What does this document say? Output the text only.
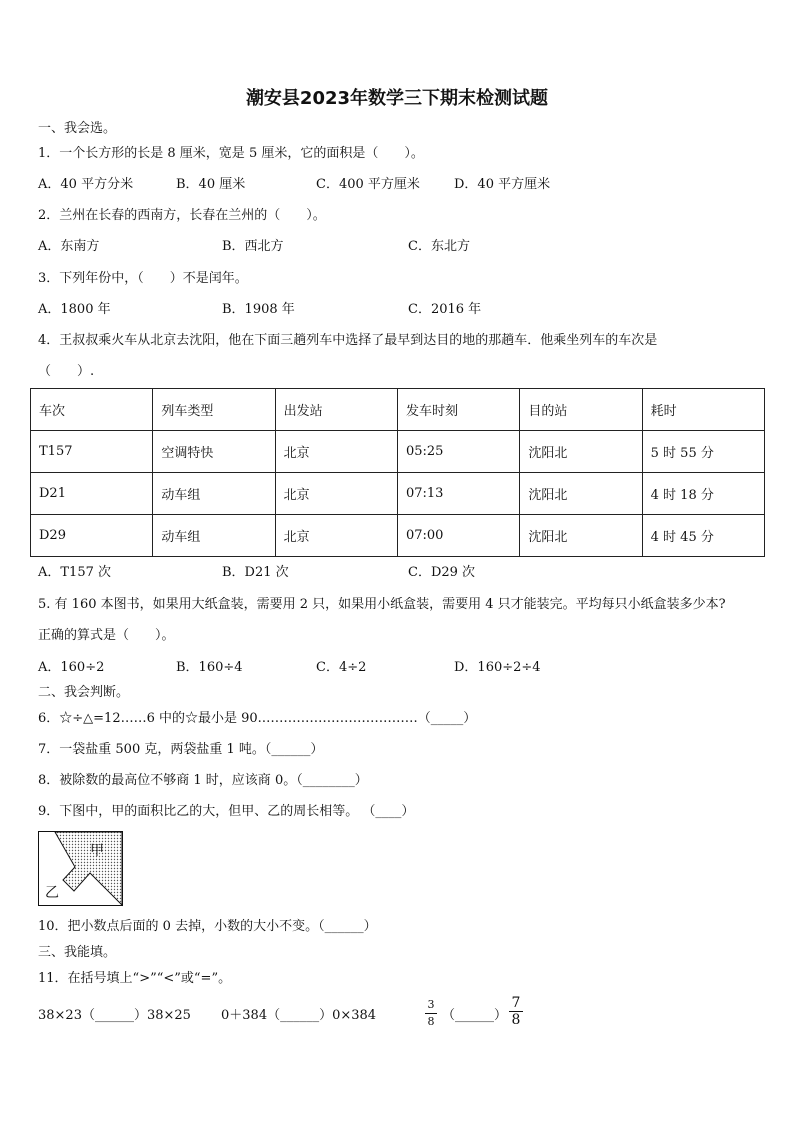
潮安县2023年数学三下期末检测试题
一、我会选。
1．一个长方形的长是 8 厘米，宽是 5 厘米，它的面积是（　　）。
A．40 平方分米	B．40 厘米	C．400 平方厘米	D．40 平方厘米
2．兰州在长春的西南方，长春在兰州的（　　）。
A．东南方	B．西北方	C．东北方
3．下列年份中，（　　）不是闰年。
A．1800 年	B．1908 年	C．2016 年
4．王叔叔乘火车从北京去沈阳，他在下面三趟列车中选择了最早到达目的地的那趟车．他乘坐列车的车次是
（　　）.
车次	列车类型	出发站	发车时刻	目的站	耗时
T157	空调特快	北京	05:25	沈阳北	5 时 55 分
D21	动车组	北京	07:13	沈阳北	4 时 18 分
D29	动车组	北京	07:00	沈阳北	4 时 45 分
A．T157 次	B．D21 次	C．D29 次
5. 有 160 本图书，如果用大纸盒装，需要用 2 只，如果用小纸盒装，需要用 4 只才能装完。平均每只小纸盒装多少本?
正确的算式是（　　）。
A．160÷2	B．160÷4	C．4÷2	D．160÷2÷4
二、我会判断。
6．☆÷△=12……6 中的☆最小是 90.………………………………（_____）
7．一袋盐重 500 克，两袋盐重 1 吨。（______）
8．被除数的最高位不够商 1 时，应该商 0。（________）
9．下图中，甲的面积比乙的大，但甲、乙的周长相等。 （____）
甲
乙
10．把小数点后面的 0 去掉，小数的大小不变。（______）
三、我能填。
11．在括号填上“>”“<”或“=”。
38×23（______）38×25 0＋384（______）0×384
3
8 （______）
7
8
